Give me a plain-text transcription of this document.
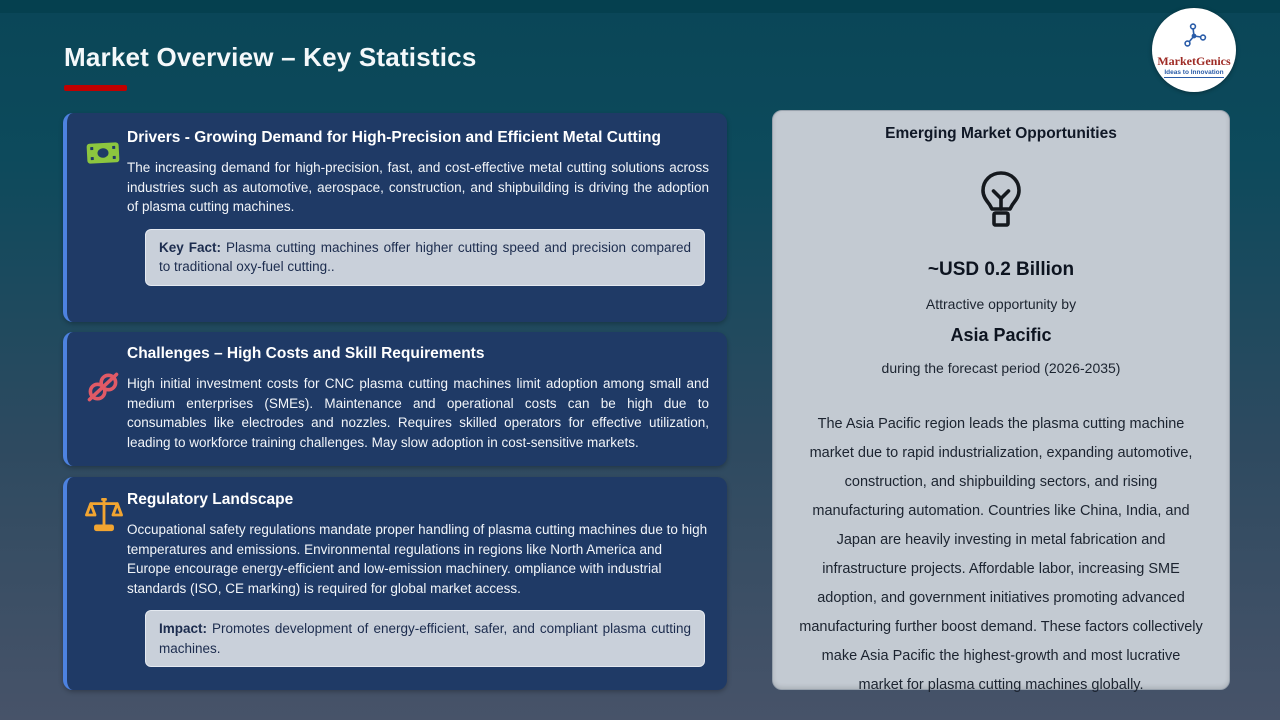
Market Overview – Key Statistics	MarketGenics
Ideas to Innovation
Drivers - Growing Demand for High-Precision and Efficient Metal Cutting
The increasing demand for high-precision, fast, and cost-effective metal cutting solutions across industries such as automotive, aerospace, construction, and shipbuilding is driving the adoption of plasma cutting machines.
Key Fact: Plasma cutting machines offer higher cutting speed and precision compared to traditional oxy-fuel cutting..
Challenges – High Costs and Skill Requirements
High initial investment costs for CNC plasma cutting machines limit adoption among small and medium enterprises (SMEs). Maintenance and operational costs can be high due to consumables like electrodes and nozzles. Requires skilled operators for effective utilization, leading to workforce training challenges. May slow adoption in cost-sensitive markets.
Regulatory Landscape
Occupational safety regulations mandate proper handling of plasma cutting machines due to high temperatures and emissions. Environmental regulations in regions like North America and Europe encourage energy-efficient and low-emission machinery. ompliance with industrial standards (ISO, CE marking) is required for global market access.
Impact: Promotes development of energy-efficient, safer, and compliant plasma cutting machines.
Emerging Market Opportunities
~USD 0.2 Billion
Attractive opportunity by
Asia Pacific
during the forecast period (2026-2035)
The Asia Pacific region leads the plasma cutting machine market due to rapid industrialization, expanding automotive, construction, and shipbuilding sectors, and rising manufacturing automation. Countries like China, India, and Japan are heavily investing in metal fabrication and infrastructure projects. Affordable labor, increasing SME adoption, and government initiatives promoting advanced manufacturing further boost demand. These factors collectively make Asia Pacific the highest-growth and most lucrative market for plasma cutting machines globally.
